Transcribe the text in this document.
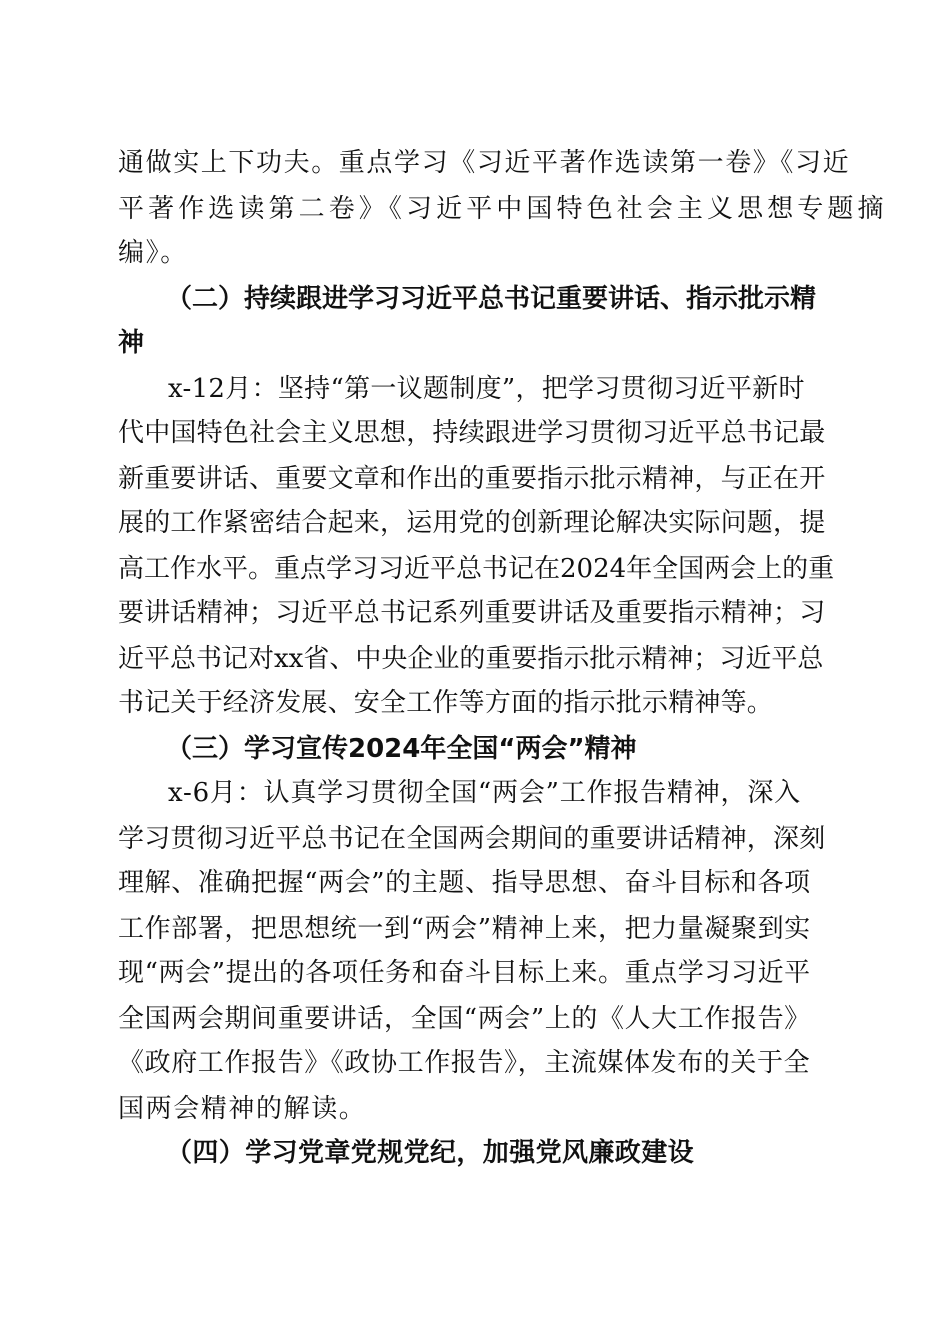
通做实上下功夫。重点学习《习近平著作选读第一卷》《习近
平著作选读第二卷》《习近平中国特色社会主义思想专题摘
编》。
（二）持续跟进学习习近平总书记重要讲话、指示批示精
神
x-12月：坚持“第一议题制度”，把学习贯彻习近平新时
代中国特色社会主义思想，持续跟进学习贯彻习近平总书记最
新重要讲话、重要文章和作出的重要指示批示精神，与正在开
展的工作紧密结合起来，运用党的创新理论解决实际问题，提
高工作水平。重点学习习近平总书记在2024年全国两会上的重
要讲话精神；习近平总书记系列重要讲话及重要指示精神；习
近平总书记对xx省、中央企业的重要指示批示精神；习近平总
书记关于经济发展、安全工作等方面的指示批示精神等。
（三）学习宣传2024年全国“两会”精神
x-6月：认真学习贯彻全国“两会”工作报告精神，深入
学习贯彻习近平总书记在全国两会期间的重要讲话精神，深刻
理解、准确把握“两会”的主题、指导思想、奋斗目标和各项
工作部署，把思想统一到“两会”精神上来，把力量凝聚到实
现“两会”提出的各项任务和奋斗目标上来。重点学习习近平
全国两会期间重要讲话，全国“两会”上的《人大工作报告》
《政府工作报告》《政协工作报告》，主流媒体发布的关于全
国两会精神的解读。
（四）学习党章党规党纪，加强党风廉政建设
